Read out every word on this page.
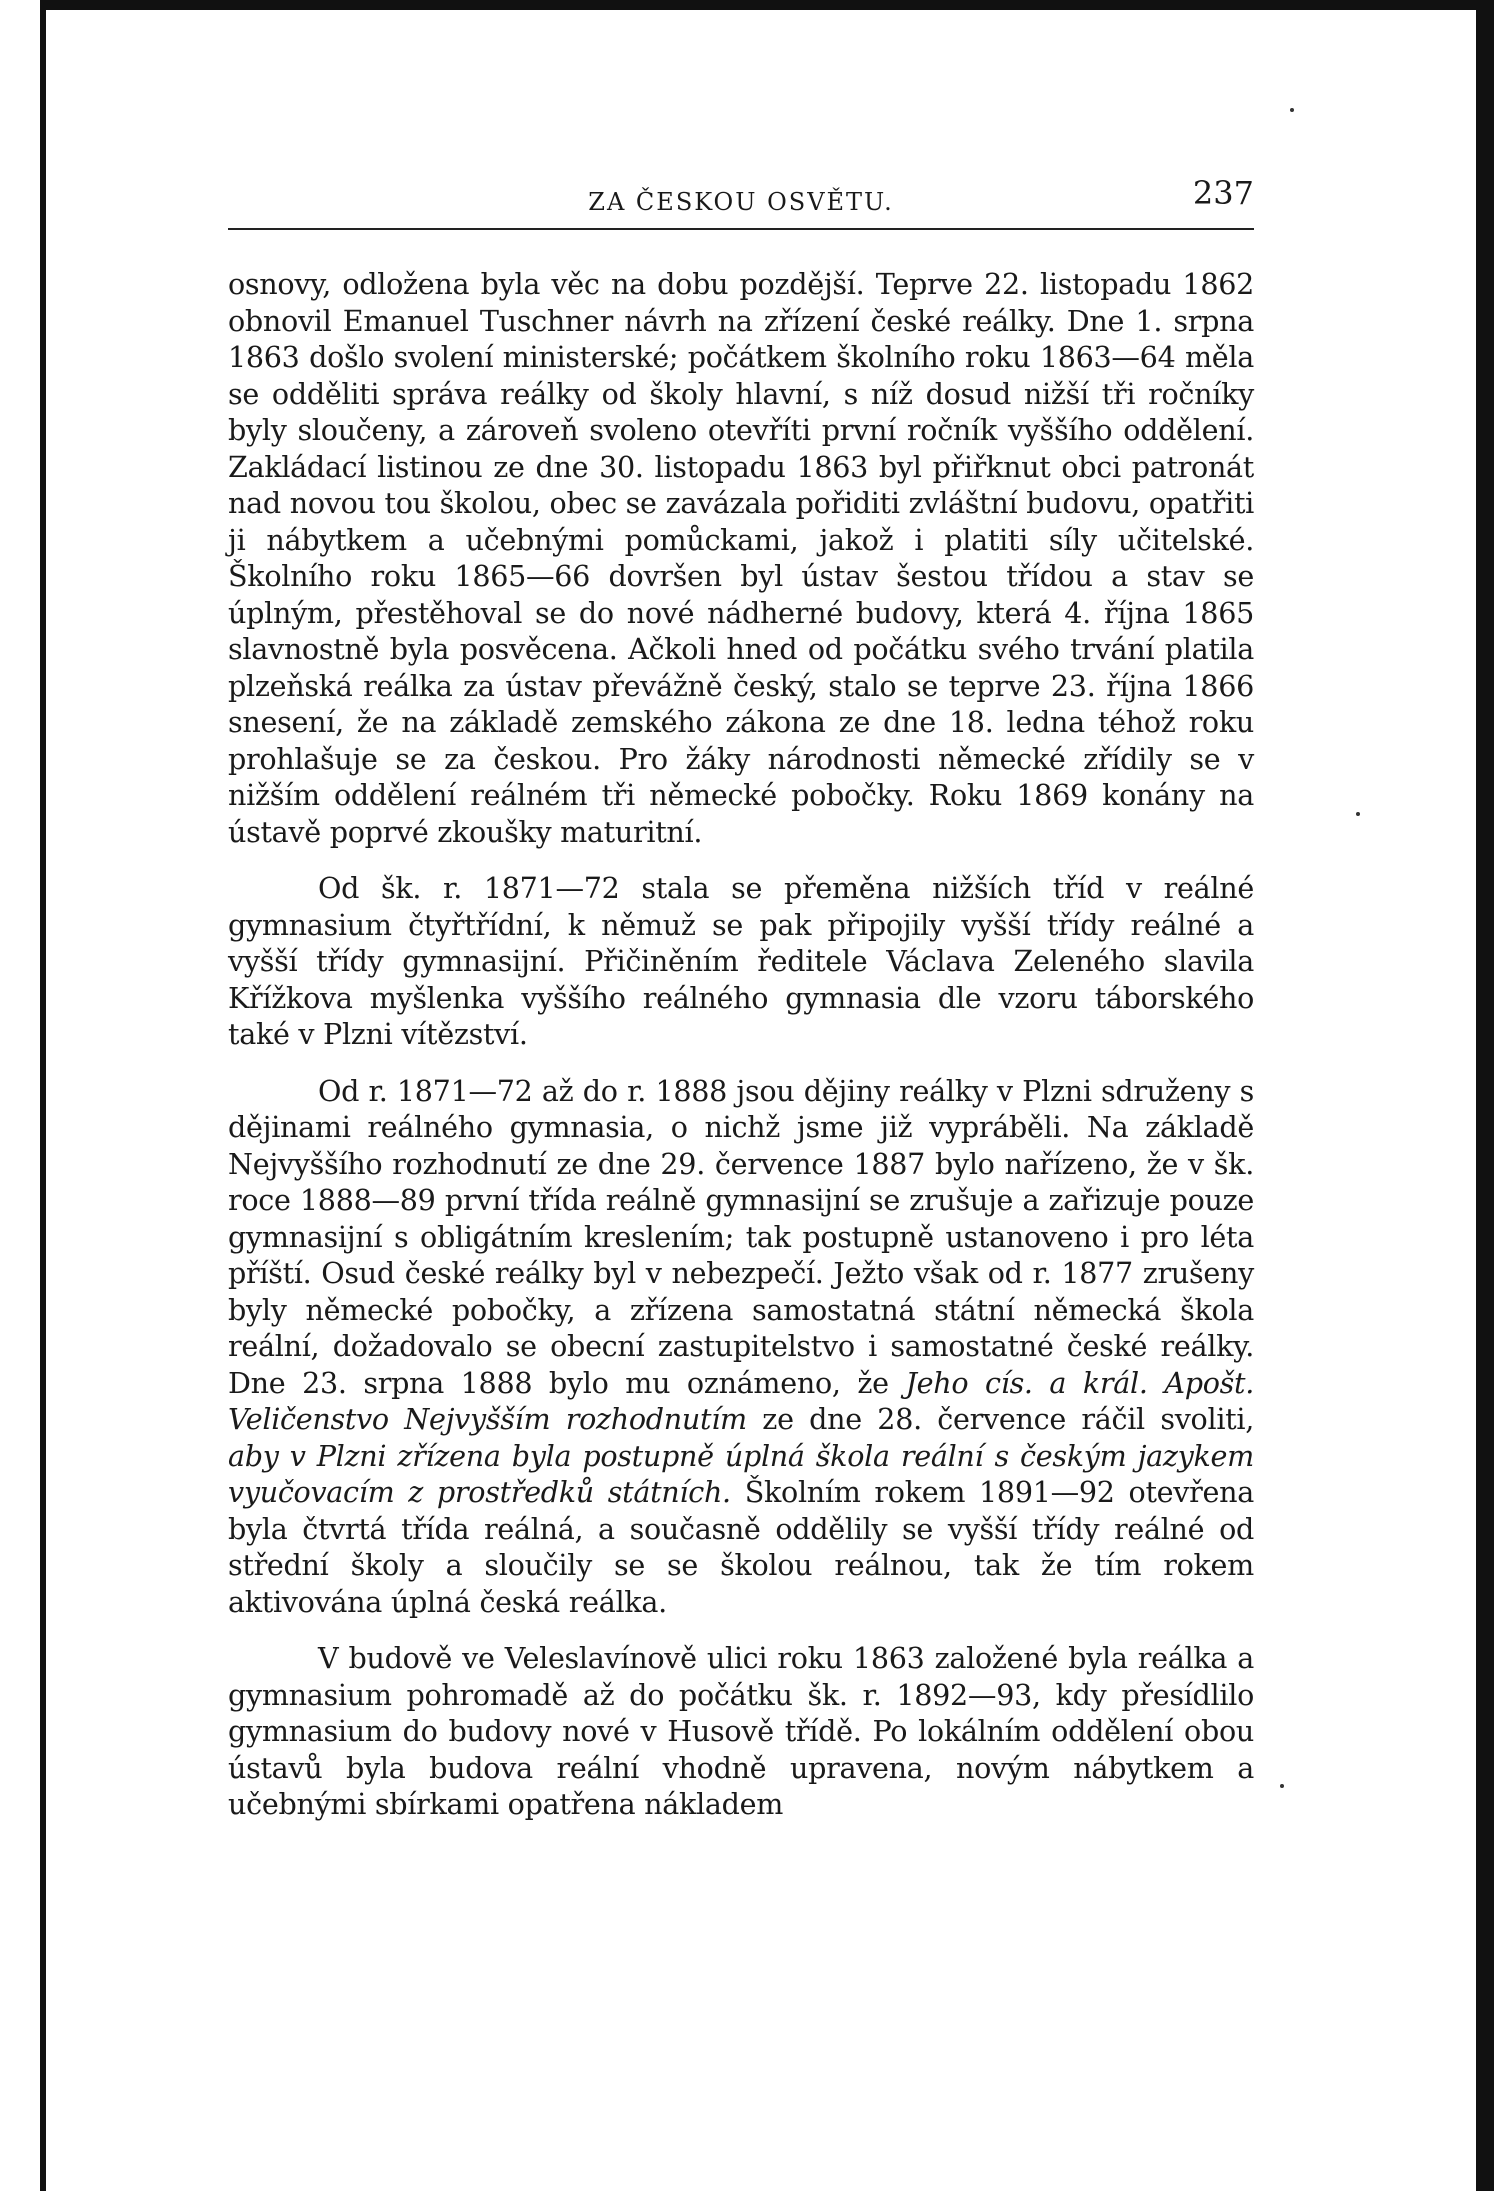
ZA ČESKOU OSVĚTU.	237

osnovy, odložena byla věc na dobu pozdější. Teprve 22. listopadu 1862 obnovil Emanuel Tuschner návrh na zřízení české reálky. Dne 1. srpna 1863 došlo svolení ministerské; počátkem školního roku 1863—64 měla se odděliti správa reálky od školy hlavní, s níž dosud nižší tři ročníky byly sloučeny, a zároveň svoleno otevříti první ročník vyššího oddělení. Zakládací listinou ze dne 30. listopadu 1863 byl přiřknut obci patronát nad novou tou školou, obec se zavázala pořiditi zvláštní budovu, opatřiti ji nábytkem a učebnými pomůckami, jakož i platiti síly učitelské. Školního roku 1865—66 dovršen byl ústav šestou třídou a stav se úplným, přestěhoval se do nové nádherné budovy, která 4. října 1865 slavnostně byla posvěcena. Ačkoli hned od počátku svého trvání platila plzeňská reálka za ústav převážně český, stalo se teprve 23. října 1866 snesení, že na základě zemského zákona ze dne 18. ledna téhož roku prohlašuje se za českou. Pro žáky národnosti německé zřídily se v nižším oddělení reálném tři německé pobočky. Roku 1869 konány na ústavě poprvé zkoušky maturitní.

Od šk. r. 1871—72 stala se přeměna nižších tříd v reálné gymnasium čtyřtřídní, k němuž se pak připojily vyšší třídy reálné a vyšší třídy gymnasijní. Přičiněním ředitele Václava Zeleného slavila Křížkova myšlenka vyššího reálného gymnasia dle vzoru táborského také v Plzni vítězství.

Od r. 1871—72 až do r. 1888 jsou dějiny reálky v Plzni sdruženy s dějinami reálného gymnasia, o nichž jsme již vypráběli. Na základě Nejvyššího rozhodnutí ze dne 29. července 1887 bylo nařízeno, že v šk. roce 1888—89 první třída reálně gymnasijní se zrušuje a zařizuje pouze gymnasijní s obligátním kreslením; tak postupně ustanoveno i pro léta příští. Osud české reálky byl v nebezpečí. Ježto však od r. 1877 zrušeny byly německé pobočky, a zřízena samostatná státní německá škola reální, dožadovalo se obecní zastupitelstvo i samostatné české reálky. Dne 23. srpna 1888 bylo mu oznámeno, že Jeho cís. a král. Apošt. Veličenstvo Nejvyšším rozhodnutím ze dne 28. července ráčil svoliti, aby v Plzni zřízena byla postupně úplná škola reální s českým jazykem vyučovacím z prostředků státních. Školním rokem 1891—92 otevřena byla čtvrtá třída reálná, a současně oddělily se vyšší třídy reálné od střední školy a sloučily se se školou reálnou, tak že tím rokem aktivována úplná česká reálka.

V budově ve Veleslavínově ulici roku 1863 založené byla reálka a gymnasium pohromadě až do počátku šk. r. 1892—93, kdy přesídlilo gymnasium do budovy nové v Husově třídě. Po lokálním oddělení obou ústavů byla budova reální vhodně upravena, novým nábytkem a učebnými sbírkami opatřena nákladem
